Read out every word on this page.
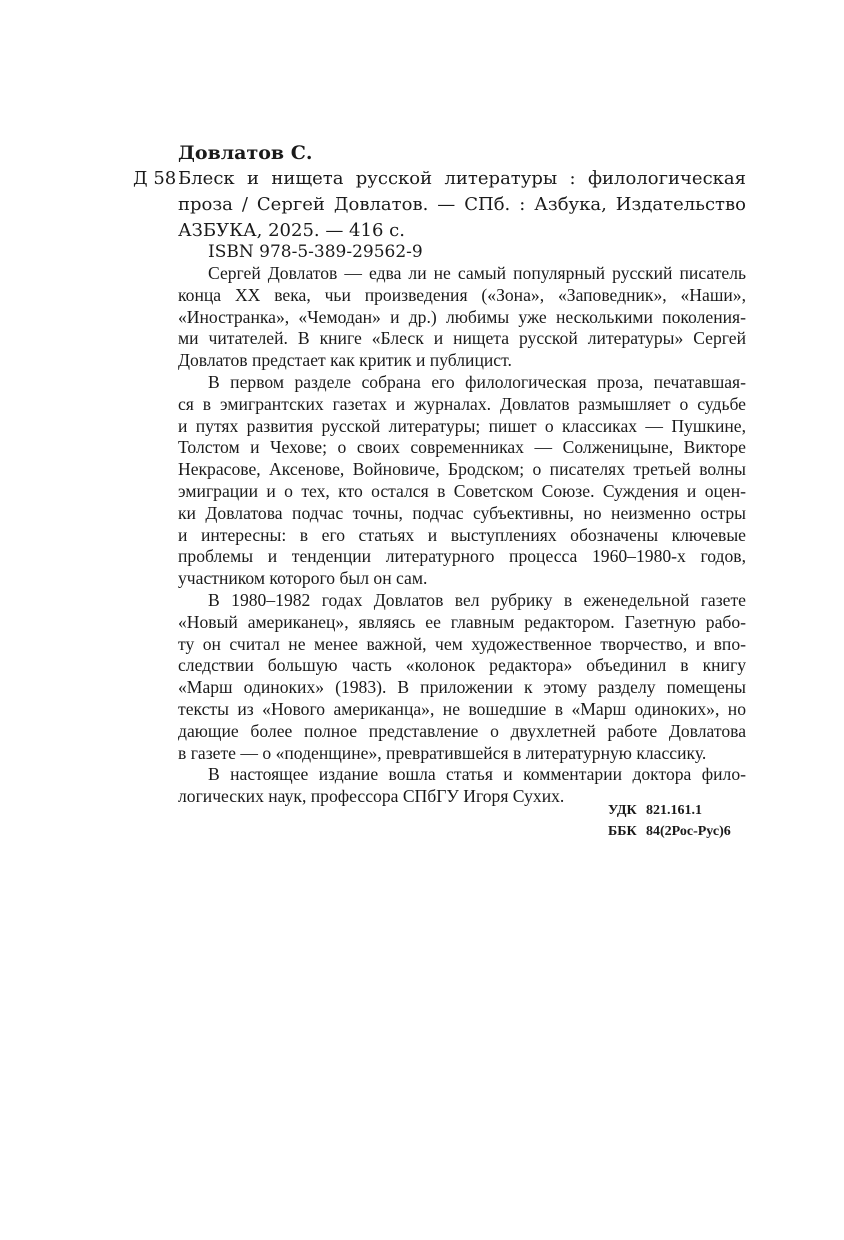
Довлатов С.
Д 58 Блеск и нищета русской литературы : филологическая
проза / Сергей Довлатов. — СПб. : Азбука, Издательство
АЗБУКА, 2025. — 416 с.
ISBN 978-5-389-29562-9
Сергей Довлатов — едва ли не самый популярный русский писатель
конца XX века, чьи произведения («Зона», «Заповедник», «Наши»,
«Иностранка», «Чемодан» и др.) любимы уже несколькими поколения-
ми читателей. В книге «Блеск и нищета русской литературы» Сергей
Довлатов предстает как критик и публицист.
В первом разделе собрана его филологическая проза, печатавшая-
ся в эмигрантских газетах и журналах. Довлатов размышляет о судьбе
и путях развития русской литературы; пишет о классиках — Пушкине,
Толстом и Чехове; о своих современниках — Солженицыне, Викторе
Некрасове, Аксенове, Войновиче, Бродском; о писателях третьей волны
эмиграции и о тех, кто остался в Советском Союзе. Суждения и оцен-
ки Довлатова подчас точны, подчас субъективны, но неизменно остры
и интересны: в его статьях и выступлениях обозначены ключевые
проблемы и тенденции литературного процесса 1960–1980-х годов,
участником которого был он сам.
В 1980–1982 годах Довлатов вел рубрику в еженедельной газете
«Новый американец», являясь ее главным редактором. Газетную рабо-
ту он считал не менее важной, чем художественное творчество, и впо-
следствии большую часть «колонок редактора» объединил в книгу
«Марш одиноких» (1983). В приложении к этому разделу помещены
тексты из «Нового американца», не вошедшие в «Марш одиноких», но
дающие более полное представление о двухлетней работе Довлатова
в газете — о «поденщине», превратившейся в литературную классику.
В настоящее издание вошла статья и комментарии доктора фило-
логических наук, профессора СПбГУ Игоря Сухих.
УДК 821.161.1
ББК 84(2Рос-Рус)6
